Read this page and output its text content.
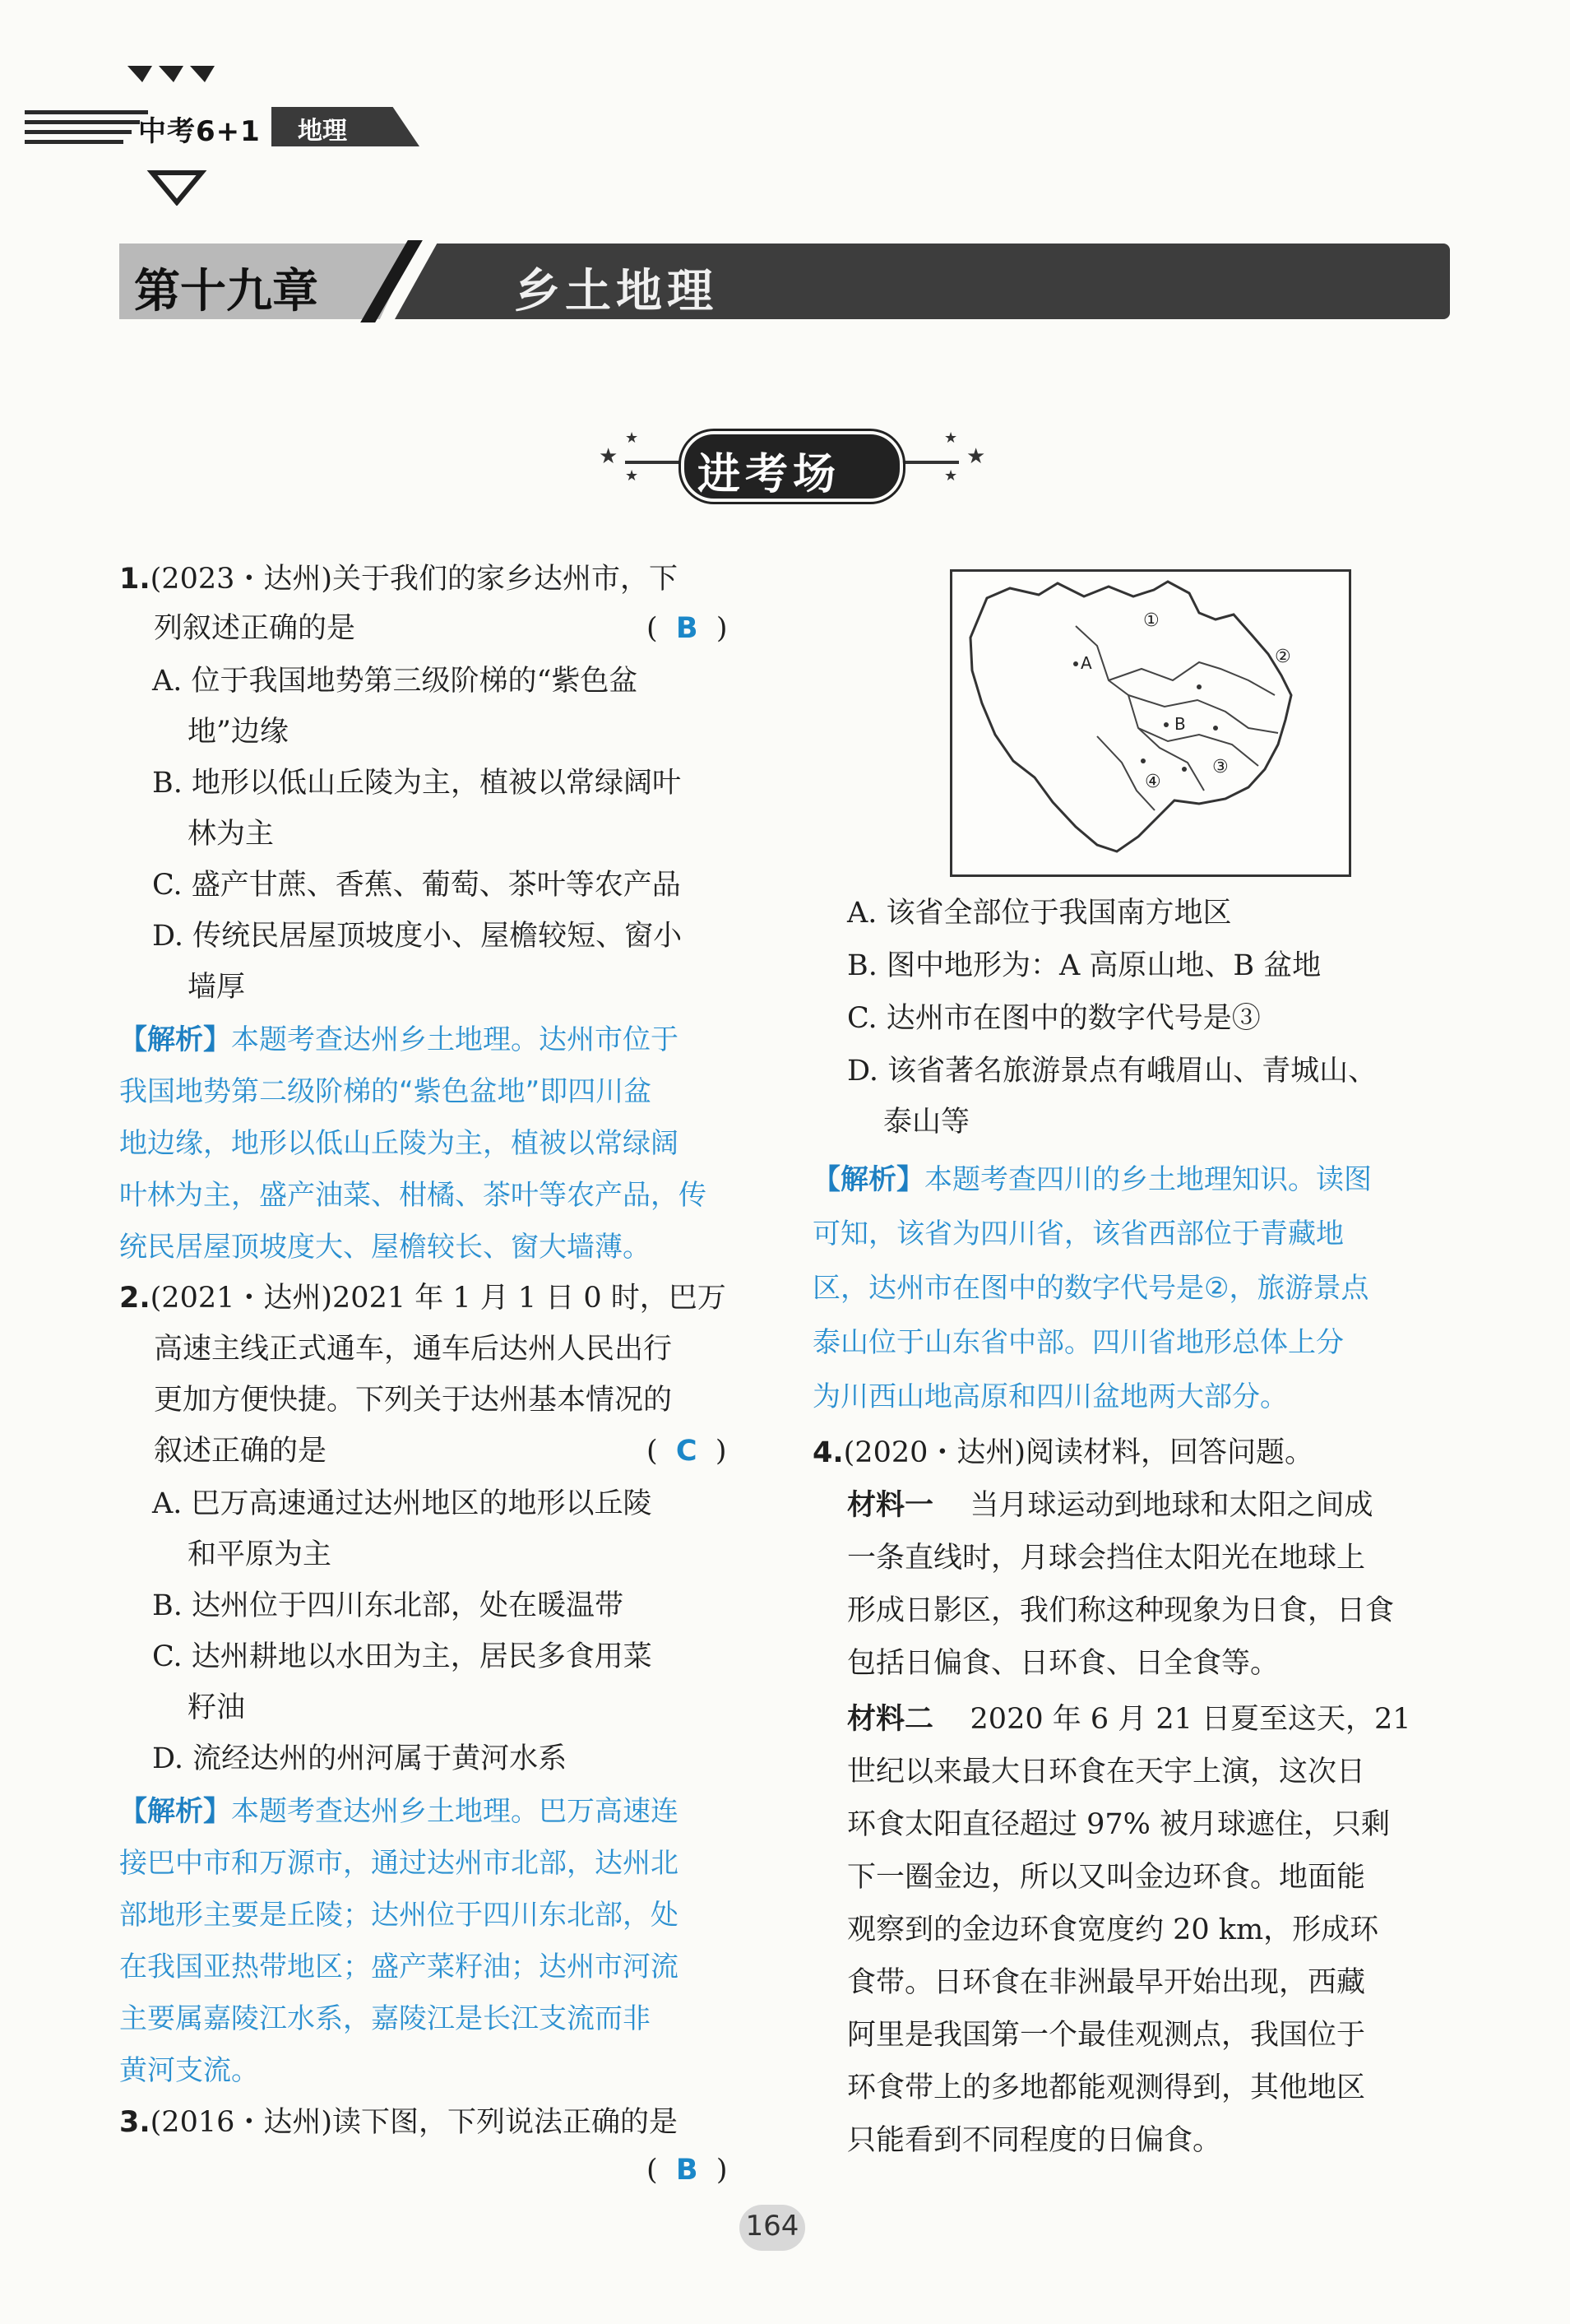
中考6+1 地理
第十九章	乡土地理
★
★
★
★
★
★
进考场
1.(2023・达州)关于我们的家乡达州市，下
列叙述正确的是	(  B  )
A. 位于我国地势第三级阶梯的“紫色盆
地”边缘
B. 地形以低山丘陵为主，植被以常绿阔叶
林为主
C. 盛产甘蔗、香蕉、葡萄、茶叶等农产品
D. 传统民居屋顶坡度小、屋檐较短、窗小
墙厚
【解析】本题考查达州乡土地理。达州市位于
我国地势第二级阶梯的“紫色盆地”即四川盆
地边缘，地形以低山丘陵为主，植被以常绿阔
叶林为主，盛产油菜、柑橘、茶叶等农产品，传
统民居屋顶坡度大、屋檐较长、窗大墙薄。
2.(2021・达州)2021 年 1 月 1 日 0 时，巴万
高速主线正式通车，通车后达州人民出行
更加方便快捷。下列关于达州基本情况的
叙述正确的是	(  C  )
A. 巴万高速通过达州地区的地形以丘陵
和平原为主
B. 达州位于四川东北部，处在暖温带
C. 达州耕地以水田为主，居民多食用菜
籽油
D. 流经达州的州河属于黄河水系
【解析】本题考查达州乡土地理。巴万高速连
接巴中市和万源市，通过达州市北部，达州北
部地形主要是丘陵；达州位于四川东北部，处
在我国亚热带地区；盛产菜籽油；达州市河流
主要属嘉陵江水系，嘉陵江是长江支流而非
黄河支流。
3.(2016・达州)读下图，下列说法正确的是
(  B  )
①
②
③
④
A
B
A. 该省全部位于我国南方地区
B. 图中地形为：A 高原山地、B 盆地
C. 达州市在图中的数字代号是③
D. 该省著名旅游景点有峨眉山、青城山、
泰山等
【解析】本题考查四川的乡土地理知识。读图
可知，该省为四川省，该省西部位于青藏地
区，达州市在图中的数字代号是②，旅游景点
泰山位于山东省中部。四川省地形总体上分
为川西山地高原和四川盆地两大部分。
4.(2020・达州)阅读材料，回答问题。
材料一 当月球运动到地球和太阳之间成
一条直线时，月球会挡住太阳光在地球上
形成日影区，我们称这种现象为日食，日食
包括日偏食、日环食、日全食等。
材料二 2020 年 6 月 21 日夏至这天，21
世纪以来最大日环食在天宇上演，这次日
环食太阳直径超过 97% 被月球遮住，只剩
下一圈金边，所以又叫金边环食。地面能
观察到的金边环食宽度约 20 km，形成环
食带。日环食在非洲最早开始出现，西藏
阿里是我国第一个最佳观测点，我国位于
环食带上的多地都能观测得到，其他地区
只能看到不同程度的日偏食。
164
